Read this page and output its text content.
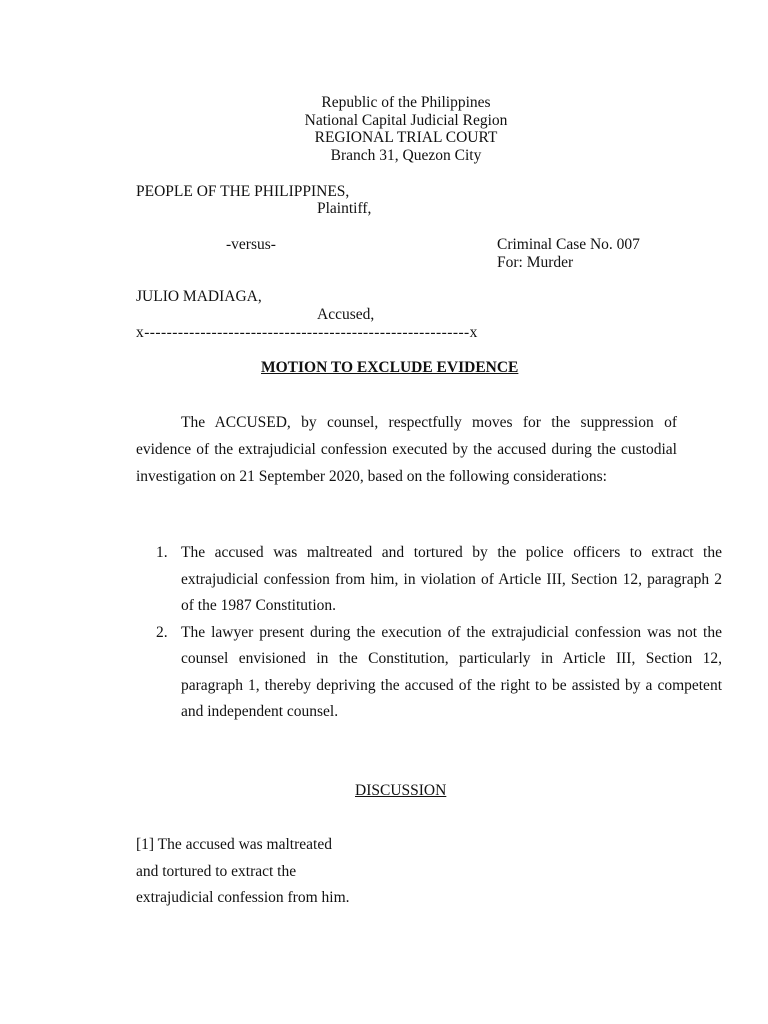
Republic of the Philippines
National Capital Judicial Region
REGIONAL TRIAL COURT
Branch 31, Quezon City
PEOPLE OF THE PHILIPPINES,
Plaintiff,
-versus-	Criminal Case No. 007
For: Murder
JULIO MADIAGA,
Accused,
x----------------------------------------------------------x
MOTION TO EXCLUDE EVIDENCE
The ACCUSED, by counsel, respectfully moves for the suppression of evidence of the extrajudicial confession executed by the accused during the custodial investigation on 21 September 2020, based on the following considerations:
1. The accused was maltreated and tortured by the police officers to extract the extrajudicial confession from him, in violation of Article III, Section 12, paragraph 2 of the 1987 Constitution.
2. The lawyer present during the execution of the extrajudicial confession was not the counsel envisioned in the Constitution, particularly in Article III, Section 12, paragraph 1, thereby depriving the accused of the right to be assisted by a competent and independent counsel.
DISCUSSION
[1] The accused was maltreated
and tortured to extract the
extrajudicial confession from him.
